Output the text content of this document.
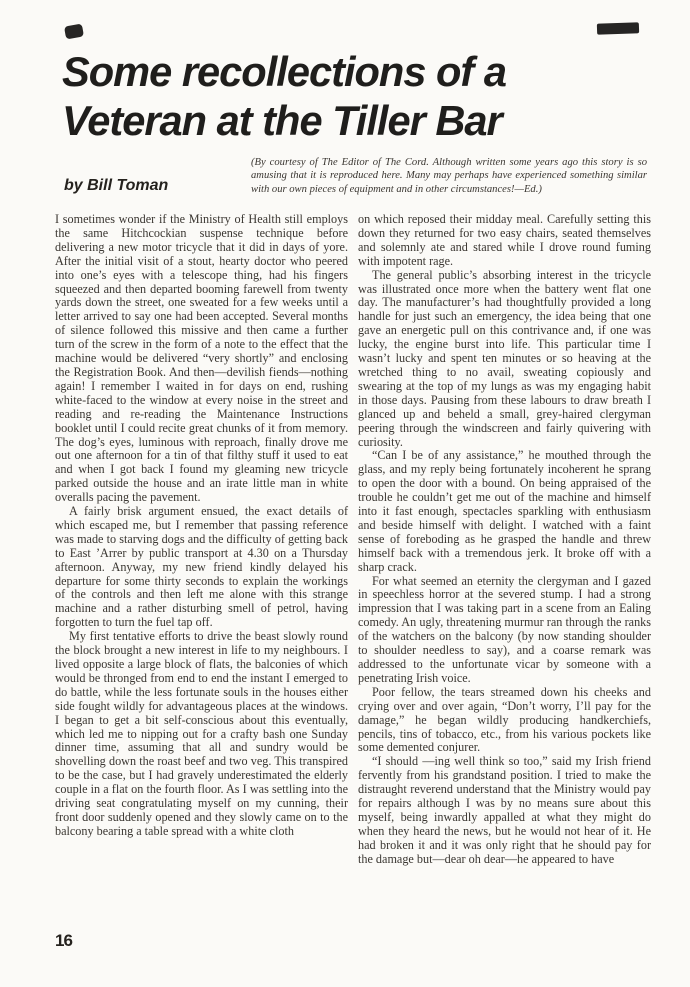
Some recollections of a
Veteran at the Tiller Bar
by Bill Toman
(By courtesy of The Editor of The Cord. Although written some years ago this story is so amusing that it is reproduced here. Many may perhaps have experienced something similar with our own pieces of equipment and in other circumstances!—Ed.)

I sometimes wonder if the Ministry of Health still employs the same Hitchcockian suspense technique before delivering a new motor tricycle that it did in days of yore. After the initial visit of a stout, hearty doctor who peered into one’s eyes with a telescope thing, had his fingers squeezed and then departed booming farewell from twenty yards down the street, one sweated for a few weeks until a letter arrived to say one had been accepted. Several months of silence followed this missive and then came a further turn of the screw in the form of a note to the effect that the machine would be delivered “very shortly” and enclosing the Registration Book. And then—devilish fiends—nothing again! I remember I waited in for days on end, rushing white-faced to the window at every noise in the street and reading and re-reading the Maintenance Instructions booklet until I could recite great chunks of it from memory. The dog’s eyes, luminous with reproach, finally drove me out one afternoon for a tin of that filthy stuff it used to eat and when I got back I found my gleaming new tricycle parked outside the house and an irate little man in white overalls pacing the pavement.

A fairly brisk argument ensued, the exact details of which escaped me, but I remember that passing reference was made to starving dogs and the difficulty of getting back to East ’Arrer by public transport at 4.30 on a Thursday afternoon. Anyway, my new friend kindly delayed his departure for some thirty seconds to explain the workings of the controls and then left me alone with this strange machine and a rather disturbing smell of petrol, having forgotten to turn the fuel tap off.

My first tentative efforts to drive the beast slowly round the block brought a new interest in life to my neighbours. I lived opposite a large block of flats, the balconies of which would be thronged from end to end the instant I emerged to do battle, while the less fortunate souls in the houses either side fought wildly for advantageous places at the windows. I began to get a bit self-conscious about this eventually, which led me to nipping out for a crafty bash one Sunday dinner time, assuming that all and sundry would be shovelling down the roast beef and two veg. This transpired to be the case, but I had gravely underestimated the elderly couple in a flat on the fourth floor. As I was settling into the driving seat congratulating myself on my cunning, their front door suddenly opened and they slowly came on to the balcony bearing a table spread with a white cloth

on which reposed their midday meal. Carefully setting this down they returned for two easy chairs, seated themselves and solemnly ate and stared while I drove round fuming with impotent rage.

The general public’s absorbing interest in the tricycle was illustrated once more when the battery went flat one day. The manufacturer’s had thoughtfully provided a long handle for just such an emergency, the idea being that one gave an energetic pull on this contrivance and, if one was lucky, the engine burst into life. This particular time I wasn’t lucky and spent ten minutes or so heaving at the wretched thing to no avail, sweating copiously and swearing at the top of my lungs as was my engaging habit in those days. Pausing from these labours to draw breath I glanced up and beheld a small, grey-haired clergyman peering through the windscreen and fairly quivering with curiosity.

“Can I be of any assistance,” he mouthed through the glass, and my reply being fortunately incoherent he sprang to open the door with a bound. On being appraised of the trouble he couldn’t get me out of the machine and himself into it fast enough, spectacles sparkling with enthusiasm and beside himself with delight. I watched with a faint sense of foreboding as he grasped the handle and threw himself back with a tremendous jerk. It broke off with a sharp crack.

For what seemed an eternity the clergyman and I gazed in speechless horror at the severed stump. I had a strong impression that I was taking part in a scene from an Ealing comedy. An ugly, threatening murmur ran through the ranks of the watchers on the balcony (by now standing shoulder to shoulder needless to say), and a coarse remark was addressed to the unfortunate vicar by someone with a penetrating Irish voice.

Poor fellow, the tears streamed down his cheeks and crying over and over again, “Don’t worry, I’ll pay for the damage,” he began wildly producing handkerchiefs, pencils, tins of tobacco, etc., from his various pockets like some demented conjurer.

“I should —ing well think so too,” said my Irish friend fervently from his grandstand position. I tried to make the distraught reverend understand that the Ministry would pay for repairs although I was by no means sure about this myself, being inwardly appalled at what they might do when they heard the news, but he would not hear of it. He had broken it and it was only right that he should pay for the damage but—dear oh dear—he appeared to have

16
